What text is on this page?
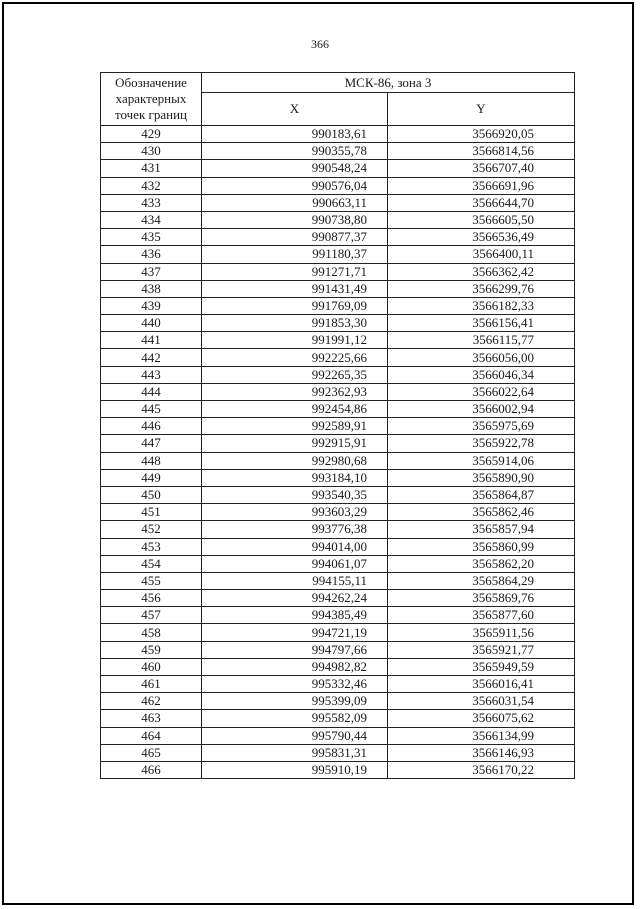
366
Обозначение характерных точек границ	МСК-86, зона 3	
	X	Y
429	990183,61	3566920,05
430	990355,78	3566814,56
431	990548,24	3566707,40
432	990576,04	3566691,96
433	990663,11	3566644,70
434	990738,80	3566605,50
435	990877,37	3566536,49
436	991180,37	3566400,11
437	991271,71	3566362,42
438	991431,49	3566299,76
439	991769,09	3566182,33
440	991853,30	3566156,41
441	991991,12	3566115,77
442	992225,66	3566056,00
443	992265,35	3566046,34
444	992362,93	3566022,64
445	992454,86	3566002,94
446	992589,91	3565975,69
447	992915,91	3565922,78
448	992980,68	3565914,06
449	993184,10	3565890,90
450	993540,35	3565864,87
451	993603,29	3565862,46
452	993776,38	3565857,94
453	994014,00	3565860,99
454	994061,07	3565862,20
455	994155,11	3565864,29
456	994262,24	3565869,76
457	994385,49	3565877,60
458	994721,19	3565911,56
459	994797,66	3565921,77
460	994982,82	3565949,59
461	995332,46	3566016,41
462	995399,09	3566031,54
463	995582,09	3566075,62
464	995790,44	3566134,99
465	995831,31	3566146,93
466	995910,19	3566170,22
